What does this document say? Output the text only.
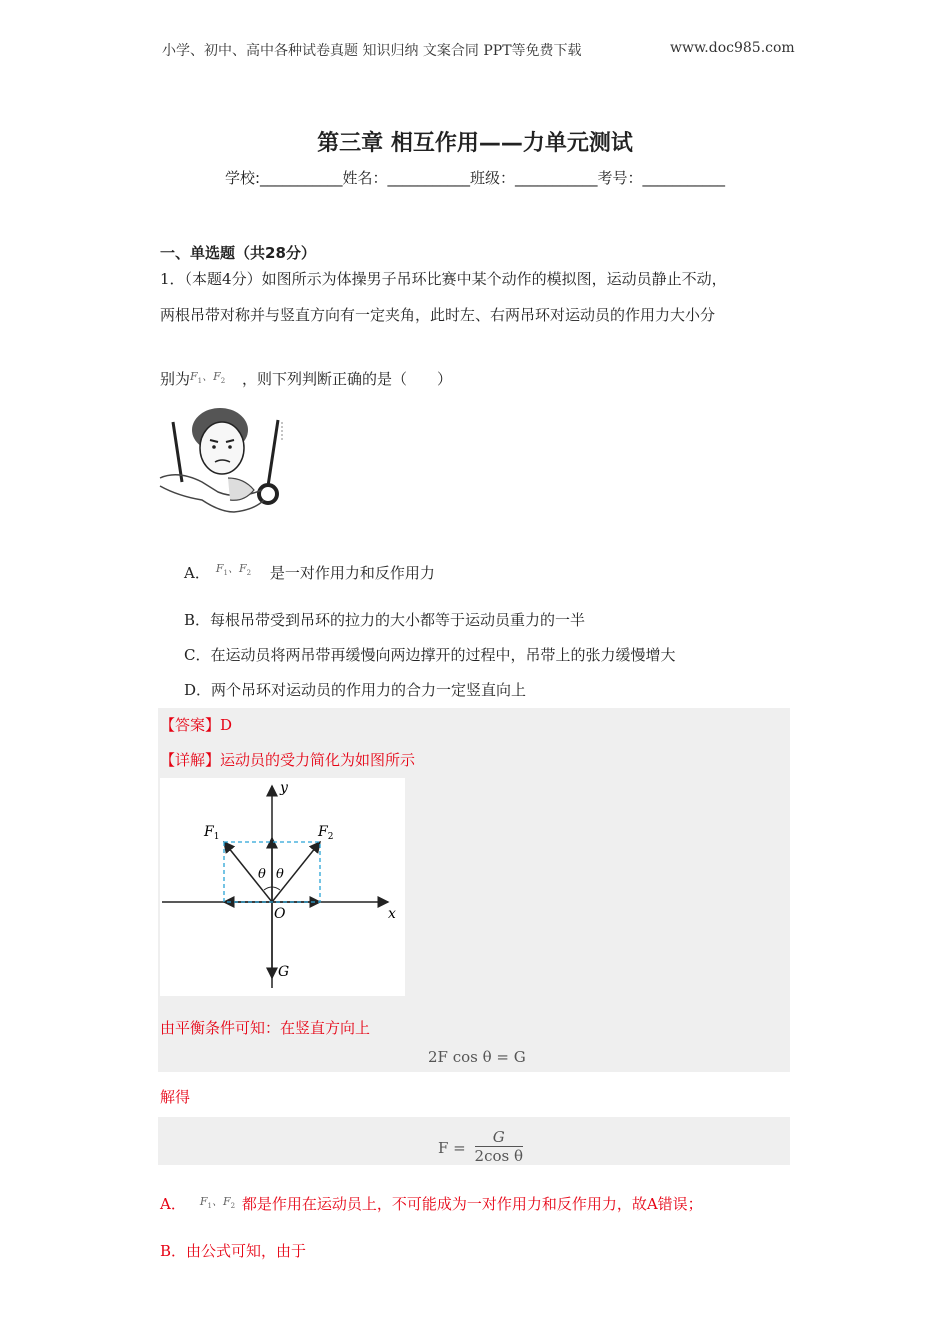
小学、初中、高中各种试卷真题 知识归纳 文案合同 PPT等免费下载	www.doc985.com
第三章 相互作用——力单元测试
学校:___________姓名：___________班级：___________考号：___________
一、单选题（共28分）
1．（本题4分）如图所示为体操男子吊环比赛中某个动作的模拟图，运动员静止不动，
两根吊带对称并与竖直方向有一定夹角，此时左、右两吊环对运动员的作用力大小分
别为 $F_1$、$F_2$ ，则下列判断正确的是（　　）
A． $F_1$、$F_2$ 是一对作用力和反作用力
B．每根吊带受到吊环的拉力的大小都等于运动员重力的一半
C．在运动员将两吊带再缓慢向两边撑开的过程中，吊带上的张力缓慢增大
D．两个吊环对运动员的作用力的合力一定竖直向上
【答案】D
【详解】运动员的受力简化为如图所示
y
x
O
G
$F_1$	$F_2$
θ θ
由平衡条件可知：在竖直方向上
2F cos θ = G
解得
$F = \frac{G}{\text{2cos θ}}$
A． $F_1$、$F_2$ 都是作用在运动员上，不可能成为一对作用力和反作用力，故A错误；
B．由公式可知，由于
